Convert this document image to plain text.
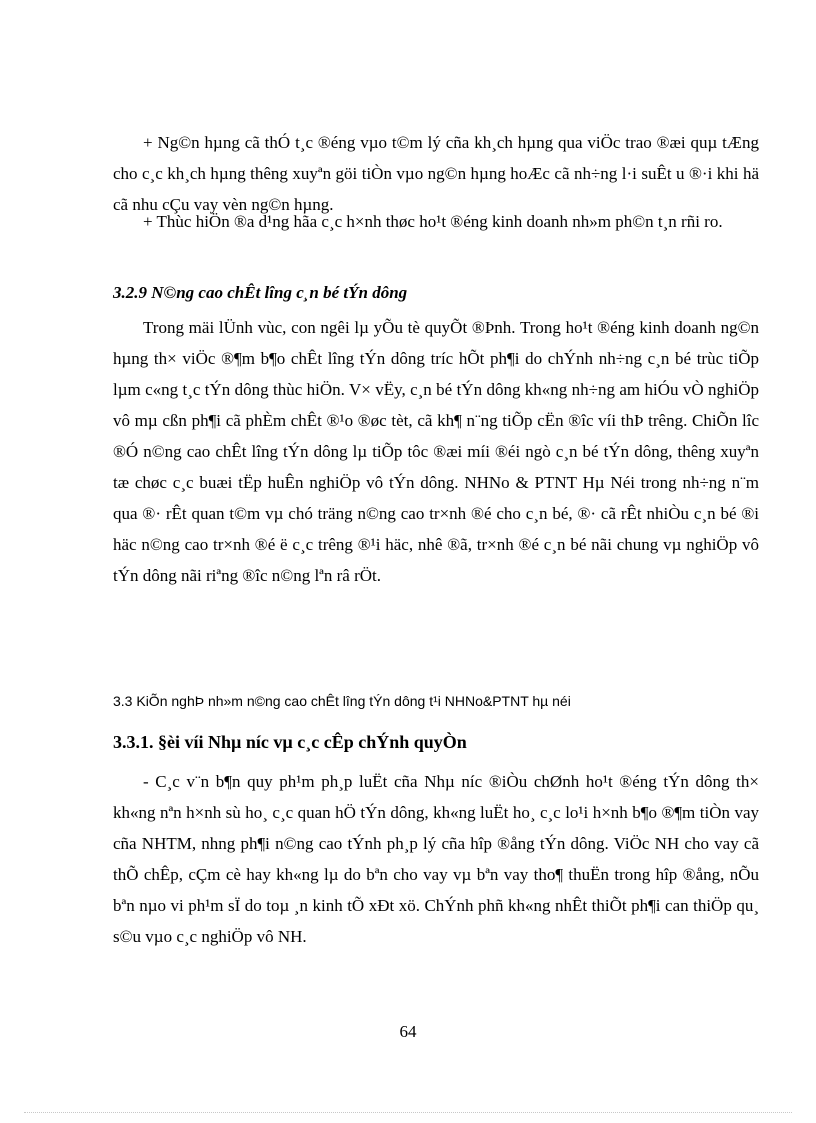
+ Ng©n hµng cã thÓ t¸c ®éng vµo t©m lý cña kh¸ch hµng qua viÖc trao ®æi quµ tÆng cho c¸c kh¸ch hµng thêng xuyªn göi tiÒn vµo ng©n hµng hoÆc cã nh÷ng l·i suÊt u ®·i khi hä cã nhu cÇu vay vèn ng©n hµng.

+ Thùc hiÖn ®a d¹ng hãa c¸c h×nh thøc ho¹t ®éng kinh doanh nh»m ph©n t¸n rñi ro.

3.2.9 N©ng cao chÊt lîng c¸n bé tÝn dông

Trong mäi lÜnh vùc, con ngêi lµ yÕu tè quyÕt ®Þnh. Trong ho¹t ®éng kinh doanh ng©n hµng th× viÖc ®¶m b¶o chÊt lîng tÝn dông tríc hÕt ph¶i do chÝnh nh÷ng c¸n bé trùc tiÕp lµm c«ng t¸c tÝn dông thùc hiÖn. V× vËy, c¸n bé tÝn dông kh«ng nh÷ng am hiÓu vÒ nghiÖp vô mµ cßn ph¶i cã phÈm chÊt ®¹o ®øc tèt, cã kh¶ n¨ng tiÕp cËn ®îc víi thÞ trêng. ChiÕn lîc ®Ó n©ng cao chÊt lîng tÝn dông lµ tiÕp tôc ®æi míi ®éi ngò c¸n bé tÝn dông, thêng xuyªn tæ chøc c¸c buæi tËp huÊn nghiÖp vô tÝn dông. NHNo & PTNT Hµ Néi trong nh÷ng n¨m qua ®· rÊt quan t©m vµ chó träng n©ng cao tr×nh ®é cho c¸n bé, ®· cã rÊt nhiÒu c¸n bé ®i häc n©ng cao tr×nh ®é ë c¸c trêng ®¹i häc, nhê ®ã, tr×nh ®é c¸n bé nãi chung vµ nghiÖp vô tÝn dông nãi riªng ®îc n©ng lªn râ rÖt.

3.3 KiÕn nghÞ nh»m n©ng cao chÊt lîng tÝn dông t¹i NHNo&PTNT hµ néi

3.3.1. §èi víi Nhµ níc vµ c¸c cÊp chÝnh quyÒn

- C¸c v¨n b¶n quy ph¹m ph¸p luËt cña Nhµ níc ®iÒu chØnh ho¹t ®éng tÝn dông th× kh«ng nªn h×nh sù ho¸ c¸c quan hÖ tÝn dông, kh«ng luËt ho¸ c¸c lo¹i h×nh b¶o ®¶m tiÒn vay cña NHTM, nhng ph¶i n©ng cao tÝnh ph¸p lý cña hîp ®ång tÝn dông. ViÖc NH cho vay cã thÕ chÊp, cÇm cè hay kh«ng lµ do bªn cho vay vµ bªn vay tho¶ thuËn trong hîp ®ång, nÕu bªn nµo vi ph¹m sÏ do toµ ¸n kinh tÕ xÐt xö. ChÝnh phñ kh«ng nhÊt thiÕt ph¶i can thiÖp qu¸ s©u vµo c¸c nghiÖp vô NH.

64
